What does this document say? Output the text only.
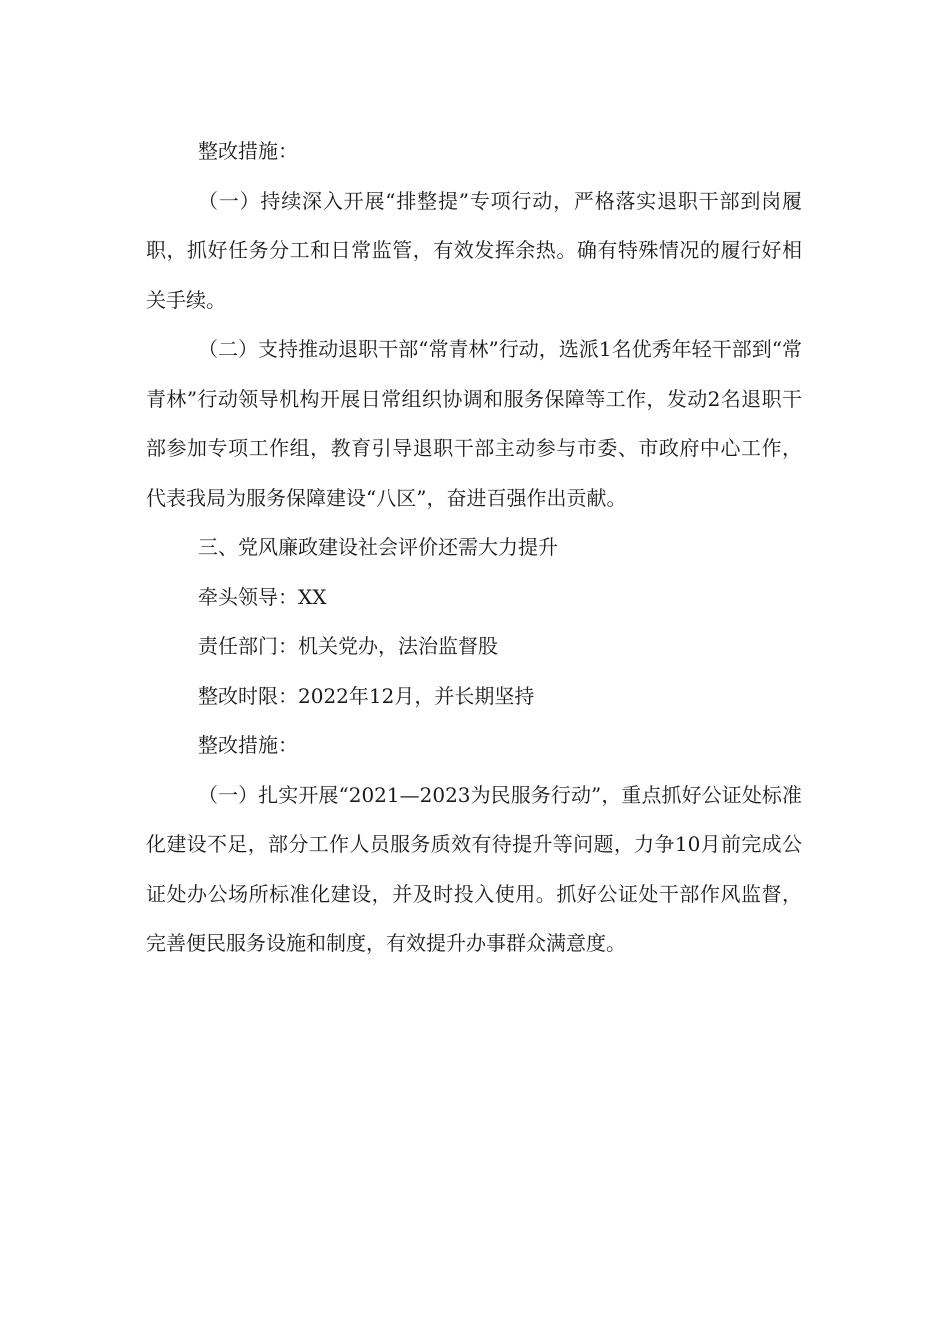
整改措施：

（一）持续深入开展“排整提”专项行动，严格落实退职干部到岗履职，抓好任务分工和日常监管，有效发挥余热。确有特殊情况的履行好相关手续。

（二）支持推动退职干部“常青林”行动，选派1名优秀年轻干部到“常青林”行动领导机构开展日常组织协调和服务保障等工作，发动2名退职干部参加专项工作组，教育引导退职干部主动参与市委、市政府中心工作，代表我局为服务保障建设“八区”，奋进百强作出贡献。

三、党风廉政建设社会评价还需大力提升

牵头领导：XX

责任部门：机关党办，法治监督股

整改时限：2022年12月，并长期坚持

整改措施：

（一）扎实开展“2021—2023为民服务行动”，重点抓好公证处标准化建设不足，部分工作人员服务质效有待提升等问题，力争10月前完成公证处办公场所标准化建设，并及时投入使用。抓好公证处干部作风监督，完善便民服务设施和制度，有效提升办事群众满意度。
